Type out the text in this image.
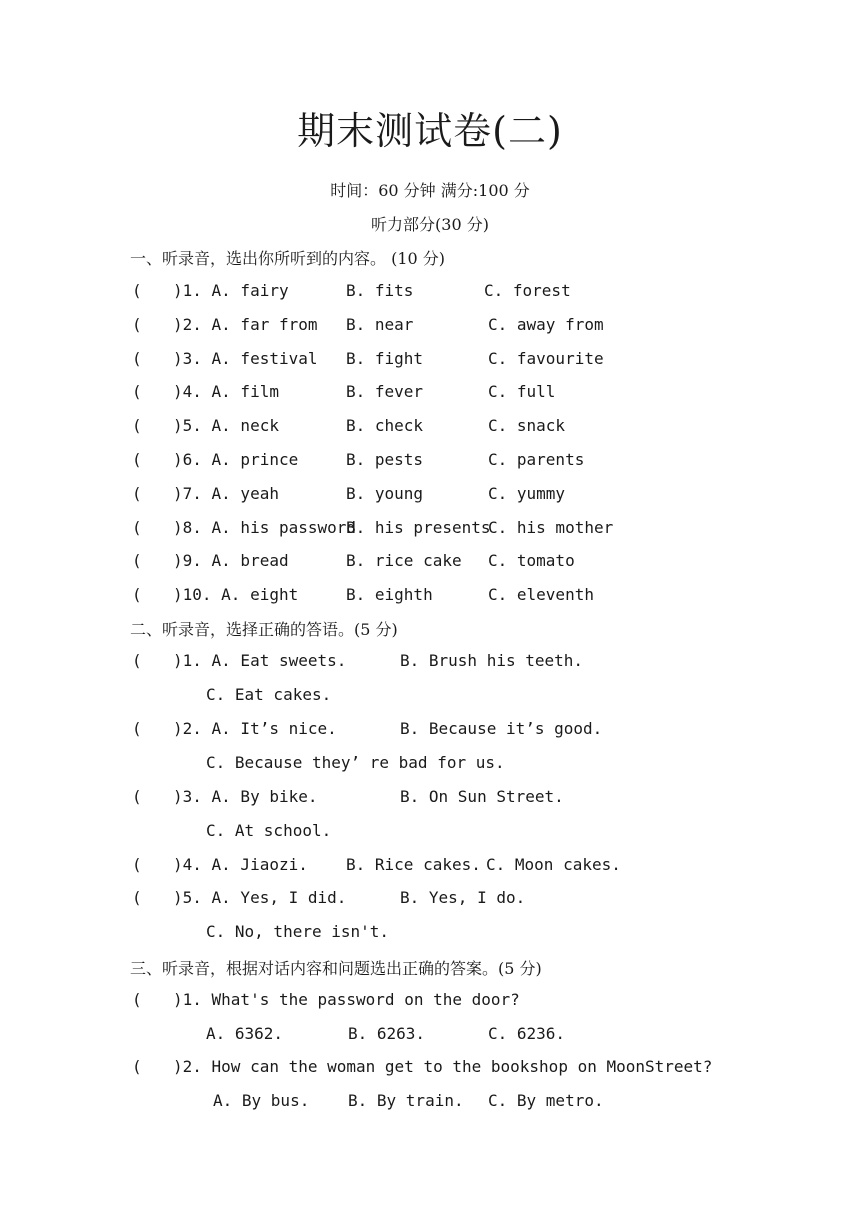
期末测试卷(二)
时间：60 分钟 满分:100 分
听力部分(30 分)
一、听录音，选出你所听到的内容。 (10 分)
( )1. A. fairy	B. fits	C. forest
( )2. A. far from B. near	C. away from
( )3. A. festival B. fight	C. favourite
( )4. A. film	B. fever	C. full
( )5. A. neck	B. check	C. snack
( )6. A. prince	B. pests	C. parents
( )7. A. yeah	B. young	C. yummy
( )8. A. his password
B. his presents
C. his mother
( )9. A. bread	B. rice cake C. tomato
( )10. A. eight	B. eighth	C. eleventh
二、听录音，选择正确的答语。(5 分)
( )1. A. Eat sweets.	B. Brush his teeth.
C. Eat cakes.
( )2. A. It’s nice.	B. Because it’s good.
C. Because they’ re bad for us.
( )3. A. By bike.	B. On Sun Street.
C. At school.
( )4. A. Jiaozi. B. Rice cakes. C. Moon cakes.
( )5. A. Yes, I did.	B. Yes, I do.
C. No, there isn't.
三、听录音，根据对话内容和问题选出正确的答案。(5 分)
( )1. What's the password on the door?
A. 6362.	B. 6263.	C. 6236.
( )2. How can the woman get to the bookshop on MoonStreet?
A. By bus. B. By train. C. By metro.
